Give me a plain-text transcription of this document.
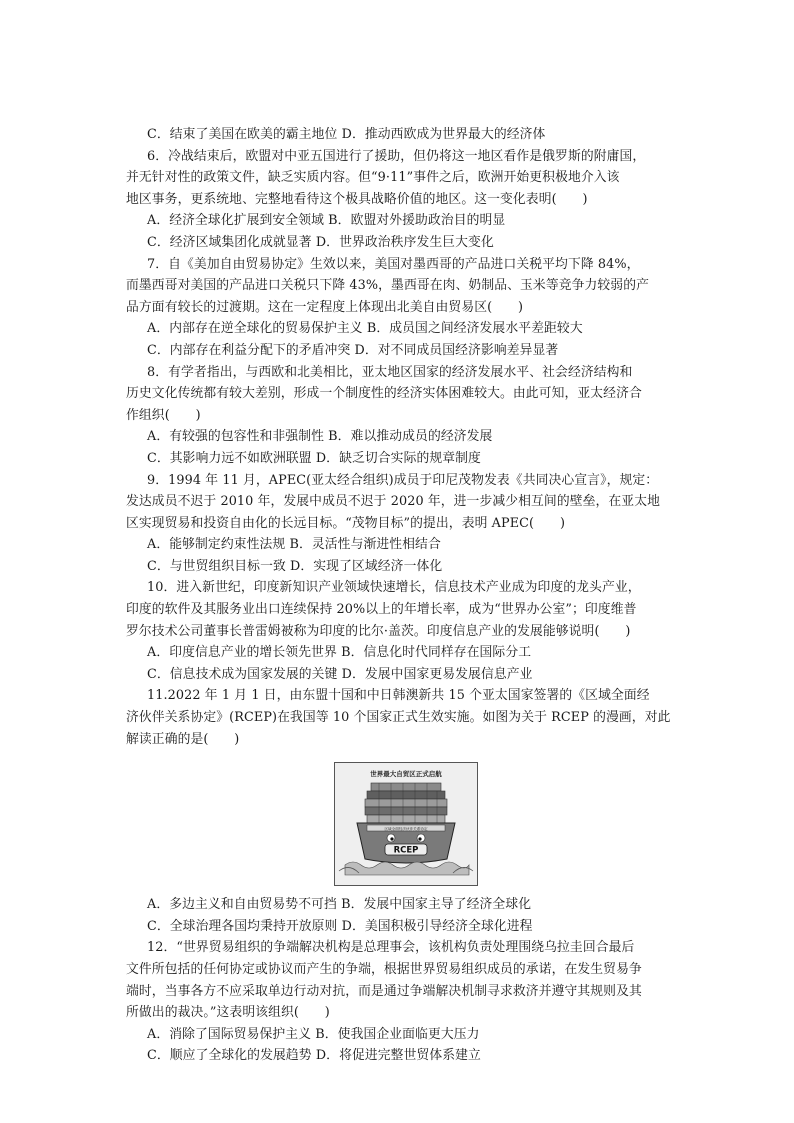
C．结束了美国在欧美的霸主地位 D．推动西欧成为世界最大的经济体
6．冷战结束后，欧盟对中亚五国进行了援助，但仍将这一地区看作是俄罗斯的附庸国，
并无针对性的政策文件，缺乏实质内容。但“9·11”事件之后，欧洲开始更积极地介入该
地区事务，更系统地、完整地看待这个极具战略价值的地区。这一变化表明(　　)
A．经济全球化扩展到安全领域 B．欧盟对外援助政治目的明显
C．经济区域集团化成就显著 D．世界政治秩序发生巨大变化
7．自《美加自由贸易协定》生效以来，美国对墨西哥的产品进口关税平均下降 84%，
而墨西哥对美国的产品进口关税只下降 43%，墨西哥在肉、奶制品、玉米等竞争力较弱的产
品方面有较长的过渡期。这在一定程度上体现出北美自由贸易区(　　)
A．内部存在逆全球化的贸易保护主义 B．成员国之间经济发展水平差距较大
C．内部存在利益分配下的矛盾冲突 D．对不同成员国经济影响差异显著
8．有学者指出，与西欧和北美相比，亚太地区国家的经济发展水平、社会经济结构和
历史文化传统都有较大差别，形成一个制度性的经济实体困难较大。由此可知，亚太经济合
作组织(　　)
A．有较强的包容性和非强制性 B．难以推动成员的经济发展
C．其影响力远不如欧洲联盟 D．缺乏切合实际的规章制度
9．1994 年 11 月，APEC(亚太经合组织)成员于印尼茂物发表《共同决心宣言》，规定：
发达成员不迟于 2010 年，发展中成员不迟于 2020 年，进一步减少相互间的壁垒，在亚太地
区实现贸易和投资自由化的长远目标。“茂物目标”的提出，表明 APEC(　　)
A．能够制定约束性法规 B．灵活性与渐进性相结合
C．与世贸组织目标一致 D．实现了区域经济一体化
10．进入新世纪，印度新知识产业领域快速增长，信息技术产业成为印度的龙头产业，
印度的软件及其服务业出口连续保持 20%以上的年增长率，成为“世界办公室”；印度维普
罗尔技术公司董事长普雷姆被称为印度的比尔·盖茨。印度信息产业的发展能够说明(　　)
A．印度信息产业的增长领先世界 B．信息化时代同样存在国际分工
C．信息技术成为国家发展的关键 D．发展中国家更易发展信息产业
11.2022 年 1 月 1 日，由东盟十国和中日韩澳新共 15 个亚太国家签署的《区域全面经
济伙伴关系协定》(RCEP)在我国等 10 个国家正式生效实施。如图为关于 RCEP 的漫画，对此
解读正确的是(　　)
世界最大自贸区正式启航
区域全面经济伙伴关系协定
RCEP
A．多边主义和自由贸易势不可挡 B．发展中国家主导了经济全球化
C．全球治理各国均秉持开放原则 D．美国积极引导经济全球化进程
12．“世界贸易组织的争端解决机构是总理事会，该机构负责处理围绕乌拉圭回合最后
文件所包括的任何协定或协议而产生的争端，根据世界贸易组织成员的承诺，在发生贸易争
端时，当事各方不应采取单边行动对抗，而是通过争端解决机制寻求救济并遵守其规则及其
所做出的裁决。”这表明该组织(　　)
A．消除了国际贸易保护主义 B．使我国企业面临更大压力
C．顺应了全球化的发展趋势 D．将促进完整世贸体系建立
